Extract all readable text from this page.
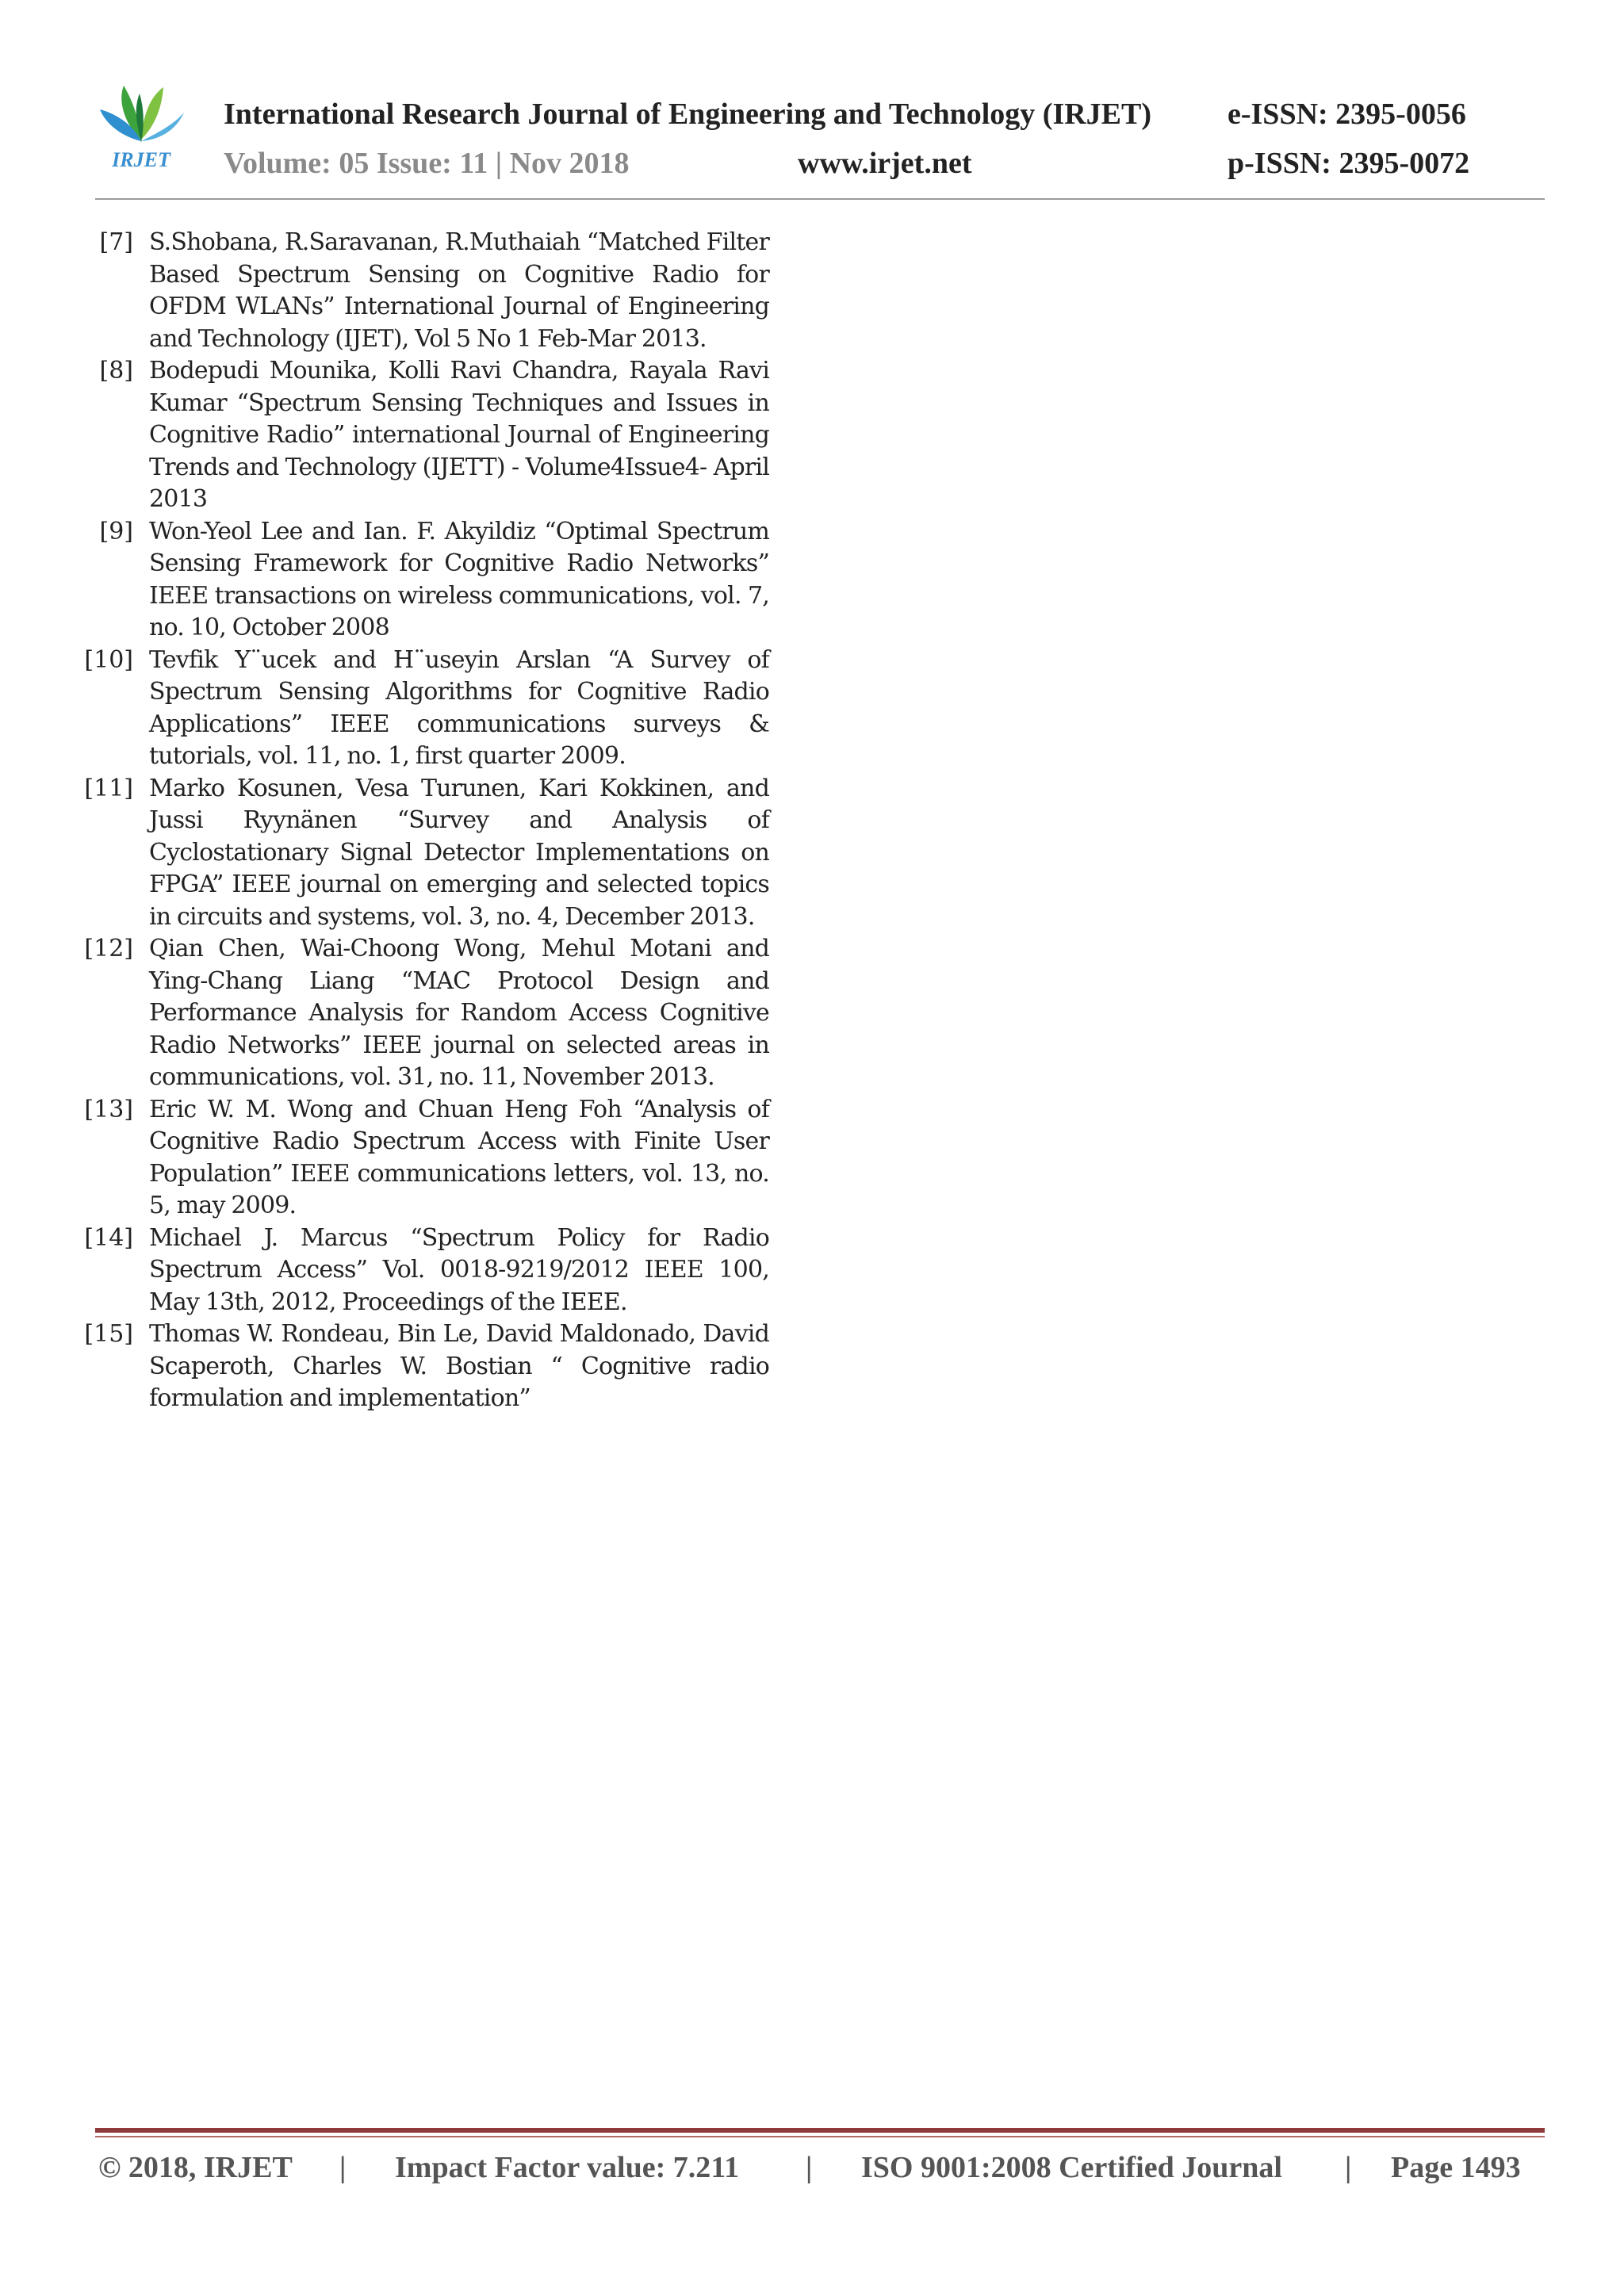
IRJET
International Research Journal of Engineering and Technology (IRJET)	e-ISSN: 2395-0056
Volume: 05 Issue: 11 | Nov 2018	www.irjet.net	p-ISSN: 2395-0072
[7] S.Shobana, R.Saravanan, R.Muthaiah “Matched Filter Based Spectrum Sensing on Cognitive Radio for OFDM WLANs” International Journal of Engineering and Technology (IJET), Vol 5 No 1 Feb-Mar 2013.
[8] Bodepudi Mounika, Kolli Ravi Chandra, Rayala Ravi Kumar “Spectrum Sensing Techniques and Issues in Cognitive Radio” international Journal of Engineering Trends and Technology (IJETT) - Volume4Issue4- April 2013
[9] Won-Yeol Lee and Ian. F. Akyildiz “Optimal Spectrum Sensing Framework for Cognitive Radio Networks” IEEE transactions on wireless communications, vol. 7, no. 10, October 2008
[10] Tevfik Y¨ucek and H¨useyin Arslan “A Survey of Spectrum Sensing Algorithms for Cognitive Radio Applications” IEEE communications surveys & tutorials, vol. 11, no. 1, first quarter 2009.
[11] Marko Kosunen, Vesa Turunen, Kari Kokkinen, and Jussi Ryynänen “Survey and Analysis of Cyclostationary Signal Detector Implementations on FPGA” IEEE journal on emerging and selected topics in circuits and systems, vol. 3, no. 4, December 2013.
[12] Qian Chen, Wai-Choong Wong, Mehul Motani and Ying-Chang Liang “MAC Protocol Design and Performance Analysis for Random Access Cognitive Radio Networks” IEEE journal on selected areas in communications, vol. 31, no. 11, November 2013.
[13] Eric W. M. Wong and Chuan Heng Foh “Analysis of Cognitive Radio Spectrum Access with Finite User Population” IEEE communications letters, vol. 13, no. 5, may 2009.
[14] Michael J. Marcus “Spectrum Policy for Radio Spectrum Access” Vol. 0018-9219/2012 IEEE 100, May 13th, 2012, Proceedings of the IEEE.
[15] Thomas W. Rondeau, Bin Le, David Maldonado, David Scaperoth, Charles W. Bostian “ Cognitive radio formulation and implementation”
© 2018, IRJET | Impact Factor value: 7.211 | ISO 9001:2008 Certified Journal | Page 1493
